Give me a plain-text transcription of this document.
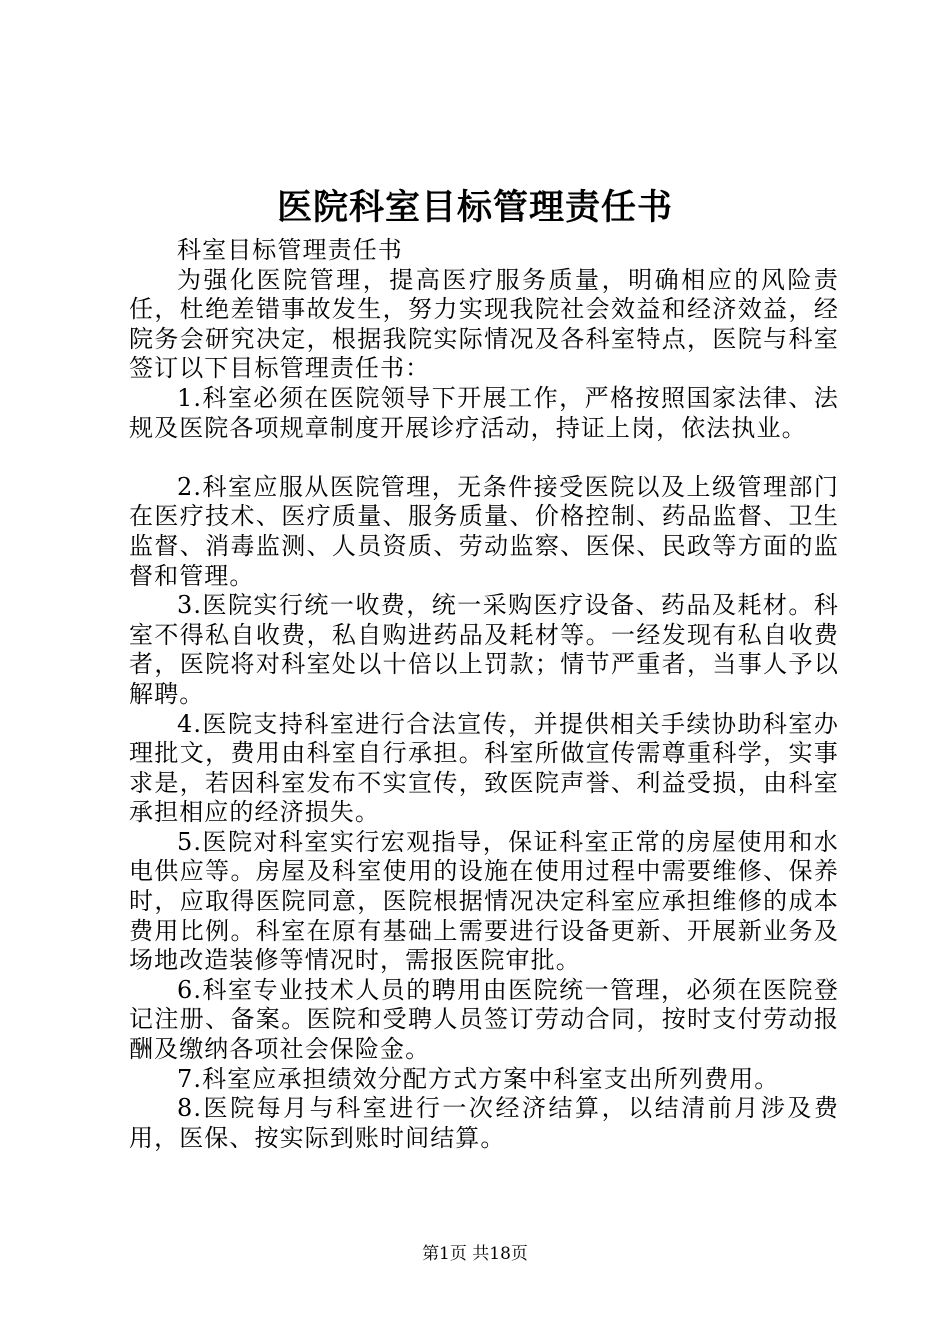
医院科室目标管理责任书

科室目标管理责任书

为强化医院管理，提高医疗服务质量，明确相应的风险责任，杜绝差错事故发生，努力实现我院社会效益和经济效益，经院务会研究决定，根据我院实际情况及各科室特点，医院与科室签订以下目标管理责任书：

1.科室必须在医院领导下开展工作，严格按照国家法律、法规及医院各项规章制度开展诊疗活动，持证上岗，依法执业。

2.科室应服从医院管理，无条件接受医院以及上级管理部门在医疗技术、医疗质量、服务质量、价格控制、药品监督、卫生监督、消毒监测、人员资质、劳动监察、医保、民政等方面的监督和管理。

3.医院实行统一收费，统一采购医疗设备、药品及耗材。科室不得私自收费，私自购进药品及耗材等。一经发现有私自收费者，医院将对科室处以十倍以上罚款；情节严重者，当事人予以解聘。

4.医院支持科室进行合法宣传，并提供相关手续协助科室办理批文，费用由科室自行承担。科室所做宣传需尊重科学，实事求是，若因科室发布不实宣传，致医院声誉、利益受损，由科室承担相应的经济损失。

5.医院对科室实行宏观指导，保证科室正常的房屋使用和水电供应等。房屋及科室使用的设施在使用过程中需要维修、保养时，应取得医院同意，医院根据情况决定科室应承担维修的成本费用比例。科室在原有基础上需要进行设备更新、开展新业务及场地改造装修等情况时，需报医院审批。

6.科室专业技术人员的聘用由医院统一管理，必须在医院登记注册、备案。医院和受聘人员签订劳动合同，按时支付劳动报酬及缴纳各项社会保险金。

7.科室应承担绩效分配方式方案中科室支出所列费用。

8.医院每月与科室进行一次经济结算，以结清前月涉及费用，医保、按实际到账时间结算。

第1页 共18页
